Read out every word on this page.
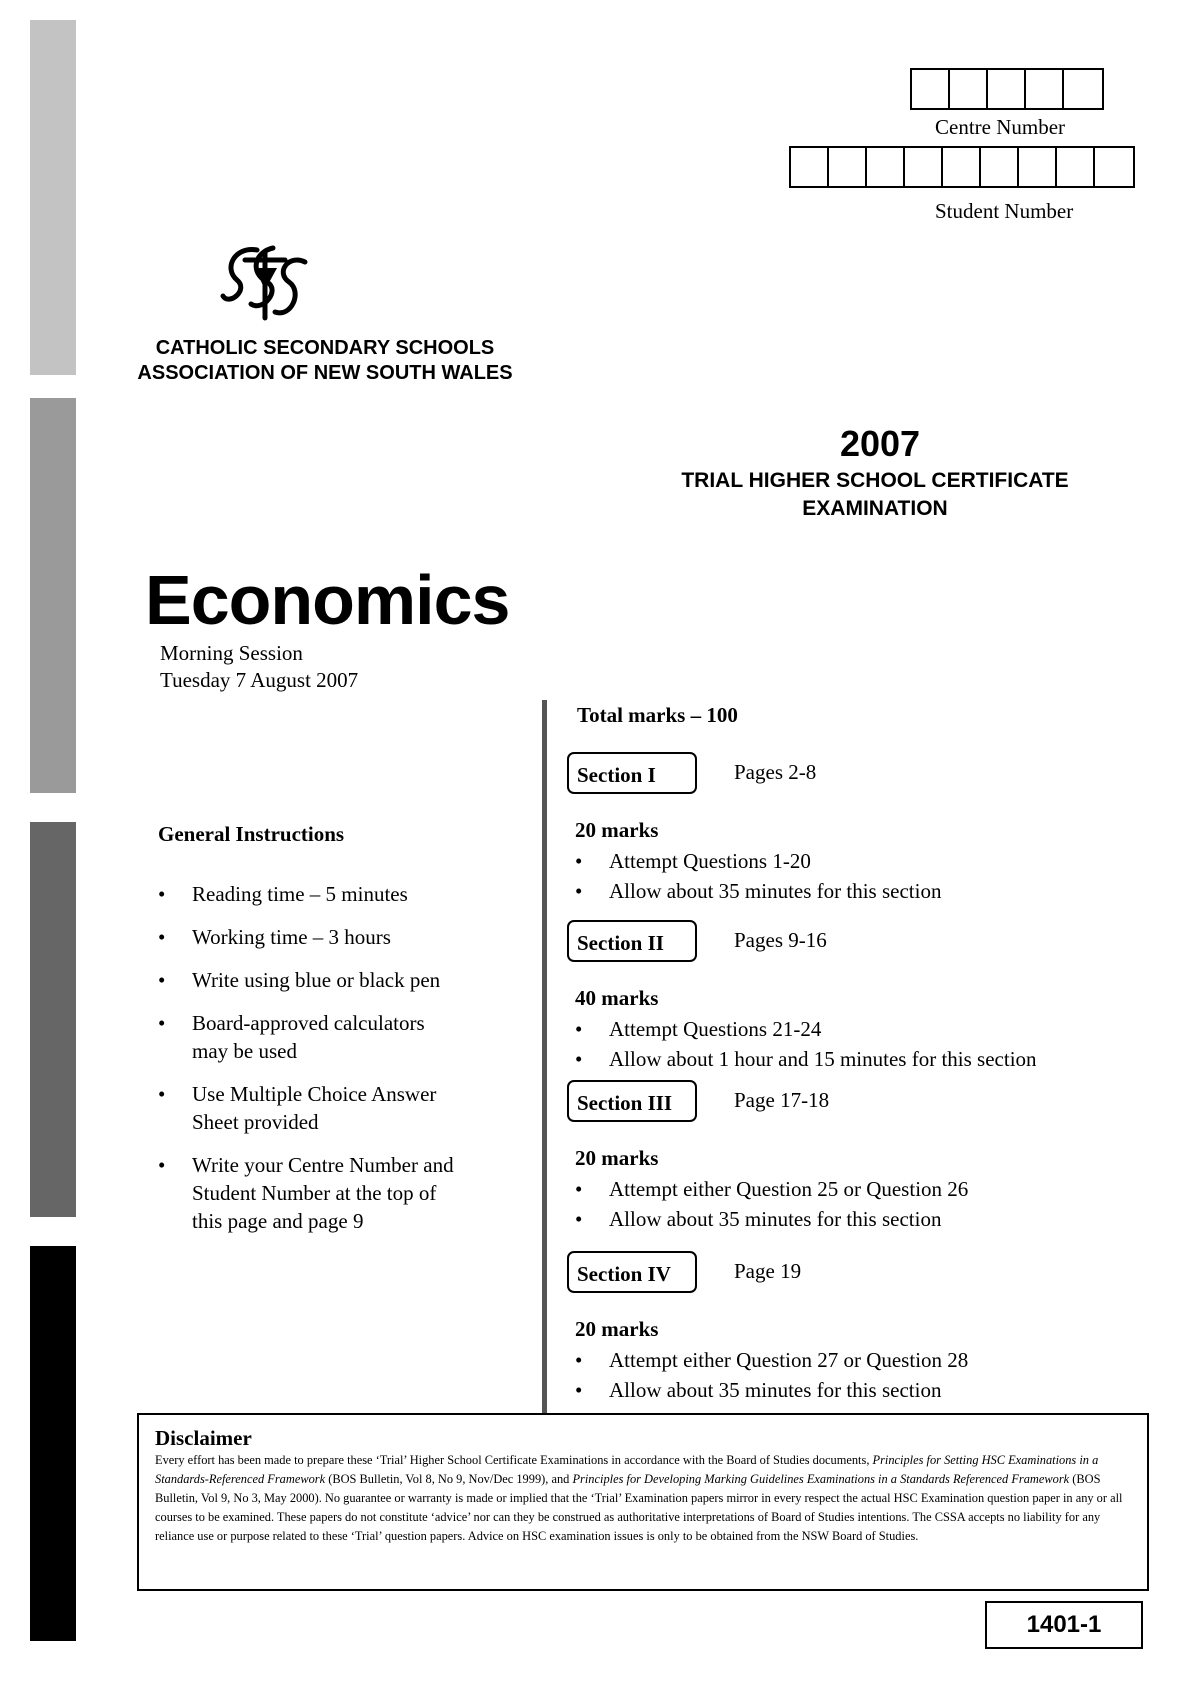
Centre Number
Student Number
CATHOLIC SECONDARY SCHOOLS
ASSOCIATION OF NEW SOUTH WALES
2007
TRIAL HIGHER SCHOOL CERTIFICATE
EXAMINATION
Economics
Morning Session
Tuesday 7 August 2007
General Instructions
• Reading time – 5 minutes
• Working time – 3 hours
• Write using blue or black pen
• Board-approved calculators
may be used
• Use Multiple Choice Answer
Sheet provided
• Write your Centre Number and
Student Number at the top of
this page and page 9
Total marks – 100
Section I	Pages 2-8
20 marks
• Attempt Questions 1-20
• Allow about 35 minutes for this section
Section II	Pages 9-16
40 marks
• Attempt Questions 21-24
• Allow about 1 hour and 15 minutes for this section
Section III	Page 17-18
20 marks
• Attempt either Question 25 or Question 26
• Allow about 35 minutes for this section
Section IV	Page 19
20 marks
• Attempt either Question 27 or Question 28
• Allow about 35 minutes for this section
Disclaimer
Every effort has been made to prepare these ‘Trial’ Higher School Certificate Examinations in accordance with the Board of Studies documents, Principles for Setting HSC Examinations in a Standards-Referenced Framework (BOS Bulletin, Vol 8, No 9, Nov/Dec 1999), and Principles for Developing Marking Guidelines Examinations in a Standards Referenced Framework (BOS Bulletin, Vol 9, No 3, May 2000). No guarantee or warranty is made or implied that the ‘Trial’ Examination papers mirror in every respect the actual HSC Examination question paper in any or all courses to be examined. These papers do not constitute ‘advice’ nor can they be construed as authoritative interpretations of Board of Studies intentions. The CSSA accepts no liability for any reliance use or purpose related to these ‘Trial’ question papers. Advice on HSC examination issues is only to be obtained from the NSW Board of Studies.
1401-1
